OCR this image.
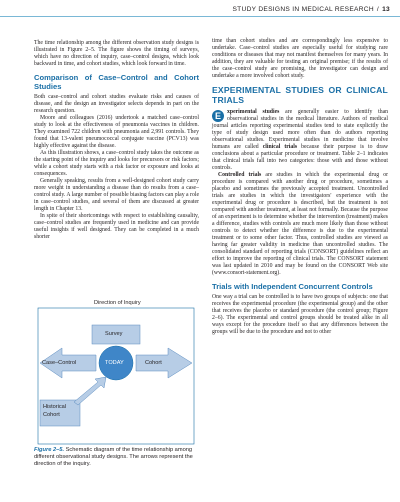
STUDY DESIGNS IN MEDICAL RESEARCH / 13

The time relationship among the different observation study designs is illustrated in Figure 2–5. The figure shows the timing of surveys, which have no direction of inquiry, case–control designs, which look backward in time, and cohort studies, which look forward in time.

Comparison of Case–Control and Cohort Studies

Both case–control and cohort studies evaluate risks and causes of disease, and the design an investigator selects depends in part on the research question.

Moore and colleagues (2016) undertook a matched case–control study to look at the effectiveness of pneumonia vaccines in children. They examined 722 children with pneumonia and 2,991 controls. They found that 13-valent pneumococcal conjugate vaccine (PCV13) was highly effective against the disease.

As this illustration shows, a case–control study takes the outcome as the starting point of the inquiry and looks for precursors or risk factors; while a cohort study starts with a risk factor or exposure and looks at consequences.

Generally speaking, results from a well-designed cohort study carry more weight in understanding a disease than do results from a case–control study. A large number of possible biasing factors can play a role in case–control studies, and several of them are discussed at greater length in Chapter 13.

In spite of their shortcomings with respect to establishing causality, case–control studies are frequently used in medicine and can provide useful insights if well designed. They can be completed in a much shorter

Direction of Inquiry
Survey
Case–Control	TODAY	Cohort
Historical
Cohort
Figure 2–5. Schematic diagram of the time relationship among different observational study designs. The arrows represent the direction of the inquiry.

time than cohort studies and are correspondingly less expensive to undertake. Case–control studies are especially useful for studying rare conditions or diseases that may not manifest themselves for many years. In addition, they are valuable for testing an original premise; if the results of the case–control study are promising, the investigator can design and undertake a more involved cohort study.

EXPERIMENTAL STUDIES OR CLINICAL TRIALS

E	xperimental studies are generally easier to identify than observational studies in the medical literature. Authors of medical journal articles reporting experimental studies tend to state explicitly the type of study design used more often than do authors reporting observational studies. Experimental studies in medicine that involve humans are called clinical trials because their purpose is to draw conclusions about a particular procedure or treatment. Table 2–1 indicates that clinical trials fall into two categories: those with and those without controls.

Controlled trials are studies in which the experimental drug or procedure is compared with another drug or procedure, sometimes a placebo and sometimes the previously accepted treatment. Uncontrolled trials are studies in which the investigators' experience with the experimental drug or procedure is described, but the treatment is not compared with another treatment, at least not formally. Because the purpose of an experiment is to determine whether the intervention (treatment) makes a difference, studies with controls are much more likely than those without controls to detect whether the difference is due to the experimental treatment or to some other factor. Thus, controlled studies are viewed as having far greater validity in medicine than uncontrolled studies. The consolidated standard of reporting trials (CONSORT) guidelines reflect an effort to improve the reporting of clinical trials. The CONSORT statement was last updated in 2010 and may be found on the CONSORT Web site (www.consort-statement.org).

Trials with Independent Concurrent Controls

One way a trial can be controlled is to have two groups of subjects: one that receives the experimental procedure (the experimental group) and the other that receives the placebo or standard procedure (the control group; Figure 2–6). The experimental and control groups should be treated alike in all ways except for the procedure itself so that any differences between the groups will be due to the procedure and not to other
